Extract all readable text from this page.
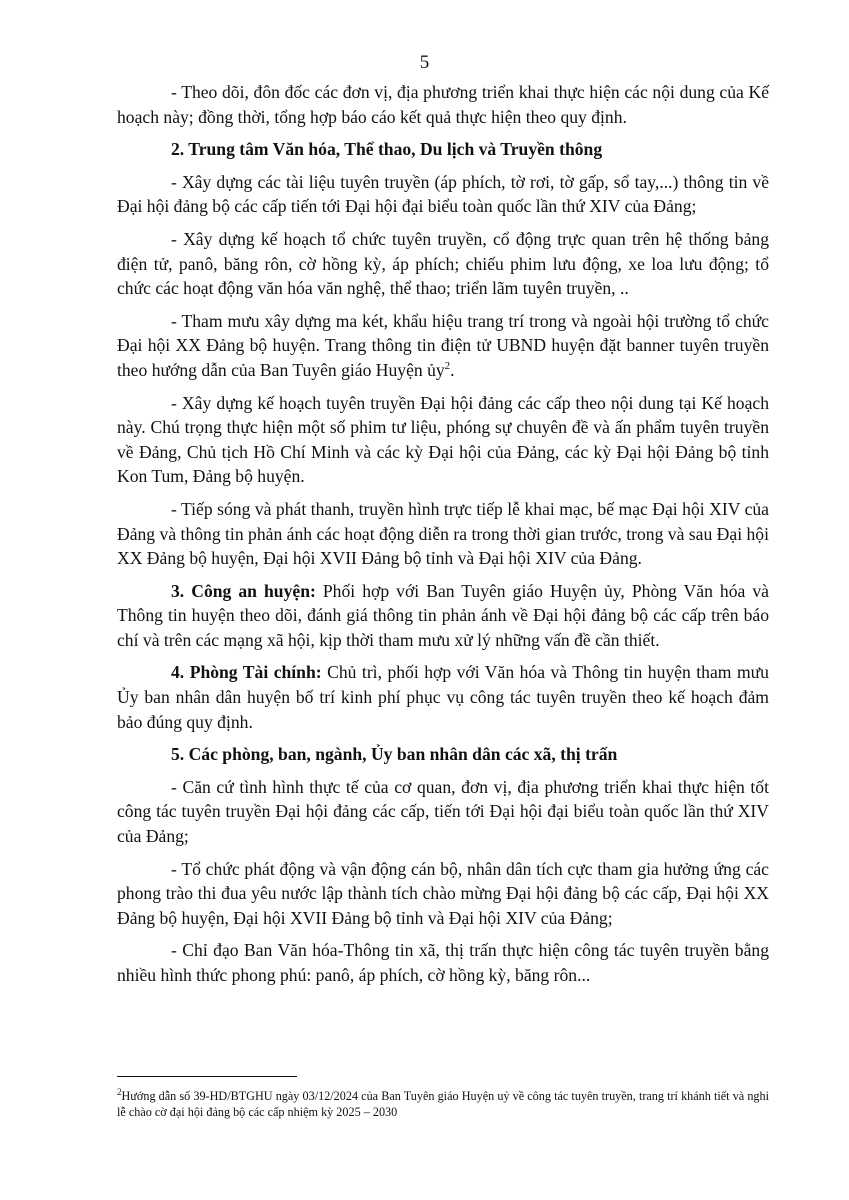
5

- Theo dõi, đôn đốc các đơn vị, địa phương triển khai thực hiện các nội dung của Kế hoạch này; đồng thời, tổng hợp báo cáo kết quả thực hiện theo quy định.

2. Trung tâm Văn hóa, Thể thao, Du lịch và Truyền thông

- Xây dựng các tài liệu tuyên truyền (áp phích, tờ rơi, tờ gấp, sổ tay,...) thông tin về Đại hội đảng bộ các cấp tiến tới Đại hội đại biểu toàn quốc lần thứ XIV của Đảng;

- Xây dựng kế hoạch tổ chức tuyên truyền, cổ động trực quan trên hệ thống bảng điện tử, panô, băng rôn, cờ hồng kỳ, áp phích; chiếu phim lưu động, xe loa lưu động; tổ chức các hoạt động văn hóa văn nghệ, thể thao; triển lãm tuyên truyền, ..

- Tham mưu xây dựng ma két, khẩu hiệu trang trí trong và ngoài hội trường tổ chức Đại hội XX Đảng bộ huyện. Trang thông tin điện tử UBND huyện đặt banner tuyên truyền theo hướng dẫn của Ban Tuyên giáo Huyện ủy$^2$.

- Xây dựng kế hoạch tuyên truyền Đại hội đảng các cấp theo nội dung tại Kế hoạch này. Chú trọng thực hiện một số phim tư liệu, phóng sự chuyên đề và ấn phẩm tuyên truyền về Đảng, Chủ tịch Hồ Chí Minh và các kỳ Đại hội của Đảng, các kỳ Đại hội Đảng bộ tỉnh Kon Tum, Đảng bộ huyện.

- Tiếp sóng và phát thanh, truyền hình trực tiếp lễ khai mạc, bế mạc Đại hội XIV của Đảng và thông tin phản ánh các hoạt động diễn ra trong thời gian trước, trong và sau Đại hội XX Đảng bộ huyện, Đại hội XVII Đảng bộ tỉnh và Đại hội XIV của Đảng.

3. Công an huyện: Phối hợp với Ban Tuyên giáo Huyện ủy, Phòng Văn hóa và Thông tin huyện theo dõi, đánh giá thông tin phản ánh về Đại hội đảng bộ các cấp trên báo chí và trên các mạng xã hội, kịp thời tham mưu xử lý những vấn đề cần thiết.

4. Phòng Tài chính: Chủ trì, phối hợp với Văn hóa và Thông tin huyện tham mưu Ủy ban nhân dân huyện bố trí kinh phí phục vụ công tác tuyên truyền theo kế hoạch đảm bảo đúng quy định.

5. Các phòng, ban, ngành, Ủy ban nhân dân các xã, thị trấn

- Căn cứ tình hình thực tế của cơ quan, đơn vị, địa phương triển khai thực hiện tốt công tác tuyên truyền Đại hội đảng các cấp, tiến tới Đại hội đại biểu toàn quốc lần thứ XIV của Đảng;

- Tổ chức phát động và vận động cán bộ, nhân dân tích cực tham gia hưởng ứng các phong trào thi đua yêu nước lập thành tích chào mừng Đại hội đảng bộ các cấp, Đại hội XX Đảng bộ huyện, Đại hội XVII Đảng bộ tỉnh và Đại hội XIV của Đảng;

- Chỉ đạo Ban Văn hóa-Thông tin xã, thị trấn thực hiện công tác tuyên truyền bằng nhiều hình thức phong phú: panô, áp phích, cờ hồng kỳ, băng rôn...

$^2$Hướng dẫn số 39-HD/BTGHU ngày 03/12/2024 của Ban Tuyên giáo Huyện uỷ về công tác tuyên truyền, trang trí khánh tiết và nghi lễ chào cờ đại hội đảng bộ các cấp nhiệm kỳ 2025 – 2030
